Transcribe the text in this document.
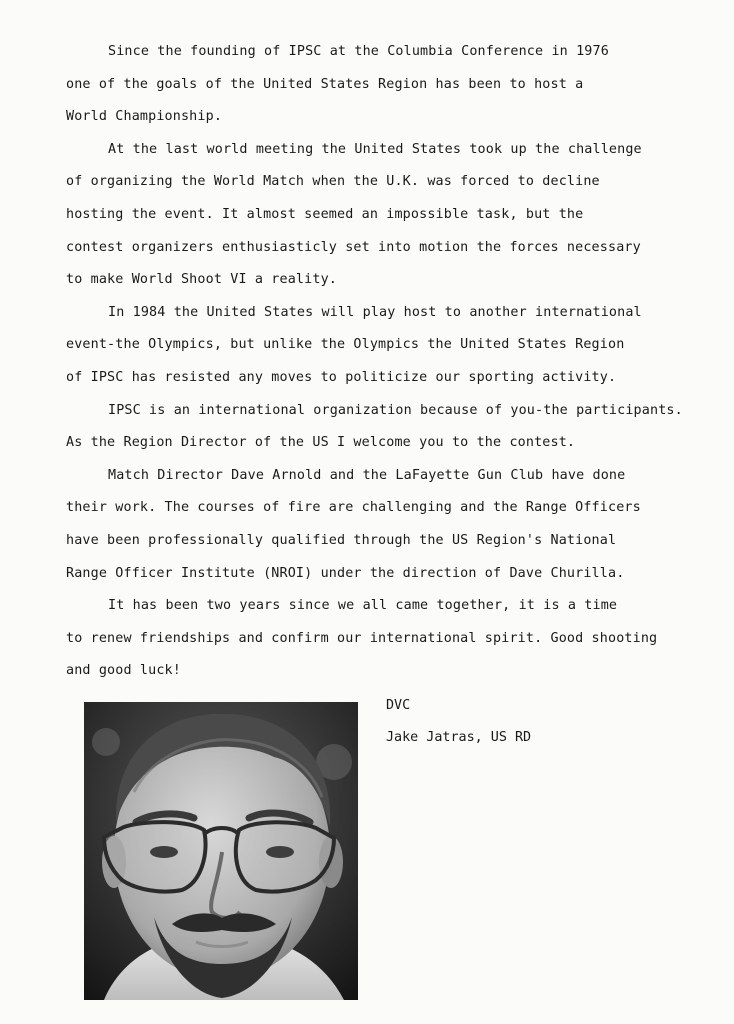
Since the founding of IPSC at the Columbia Conference in 1976
one of the goals of the United States Region has been to host a
World Championship.
At the last world meeting the United States took up the challenge
of organizing the World Match when the U.K. was forced to decline
hosting the event. It almost seemed an impossible task, but the
contest organizers enthusiasticly set into motion the forces necessary
to make World Shoot VI a reality.
In 1984 the United States will play host to another international
event-the Olympics, but unlike the Olympics the United States Region
of IPSC has resisted any moves to politicize our sporting activity.
IPSC is an international organization because of you-the participants.
As the Region Director of the US I welcome you to the contest.
Match Director Dave Arnold and the LaFayette Gun Club have done
their work. The courses of fire are challenging and the Range Officers
have been professionally qualified through the US Region's National
Range Officer Institute (NROI) under the direction of Dave Churilla.
It has been two years since we all came together, it is a time
to renew friendships and confirm our international spirit. Good shooting
and good luck!
DVC
Jake Jatras, US RD
